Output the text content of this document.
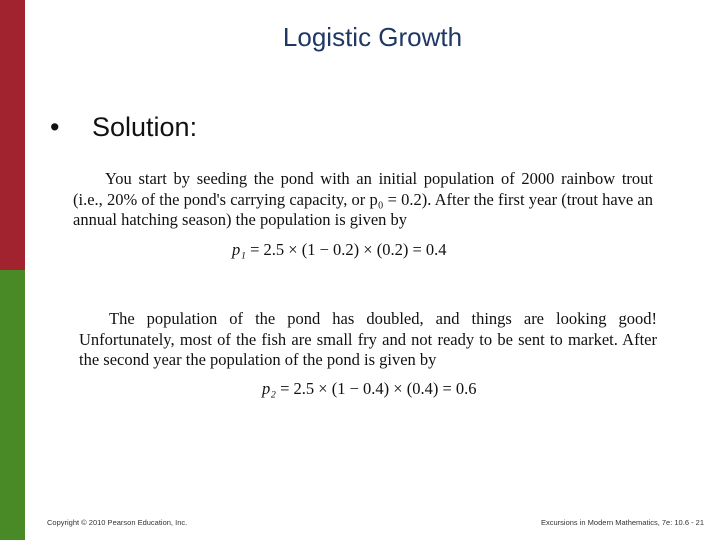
Logistic Growth
• Solution:
You start by seeding the pond with an initial population of 2000 rainbow trout (i.e., 20% of the pond's carrying capacity, or p₀ = 0.2). After the first year (trout have an annual hatching season) the population is given by
p₁ = 2.5 × (1 − 0.2) × (0.2) = 0.4
The population of the pond has doubled, and things are looking good! Unfortunately, most of the fish are small fry and not ready to be sent to market. After the second year the population of the pond is given by
p₂ = 2.5 × (1 − 0.4) × (0.4) = 0.6
Copyright © 2010 Pearson Education, Inc.	Excursions in Modern Mathematics, 7e: 10.6 - 21
